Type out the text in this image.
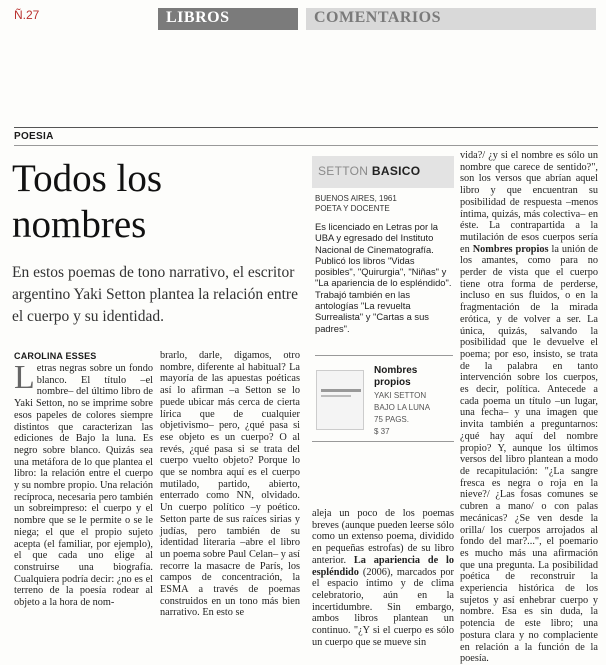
Ñ.27	LIBROS	COMENTARIOS
POESIA
Todos los
nombres
En estos poemas de tono narrativo, el escritor argentino Yaki Setton plantea la relación entre el cuerpo y su identidad.
CAROLINA ESSES
L etras negras sobre un fondo blanco. El título –el nombre– del último libro de Yaki Setton, no se imprime sobre esos papeles de colores siempre distintos que caracterizan las ediciones de Bajo la luna. Es negro sobre blanco. Quizás sea una metáfora de lo que plantea el libro: la relación entre el cuerpo y su nombre propio. Una relación recíproca, necesaria pero también un sobreimpreso: el cuerpo y el nombre que se le permite o se le niega; el que el propio sujeto acepta (el familiar, por ejemplo), el que cada uno elige al construirse una biografía. Cualquiera podría decir: ¿no es el terreno de la poesía rodear al objeto a la hora de nom-
brarlo, darle, digamos, otro nombre, diferente al habitual? La mayoría de las apuestas poéticas así lo afirman –a Setton se lo puede ubicar más cerca de cierta lírica que de cualquier objetivismo– pero, ¿qué pasa si ese objeto es un cuerpo? O al revés, ¿qué pasa si se trata del cuerpo vuelto objeto? Porque lo que se nombra aquí es el cuerpo mutilado, partido, abierto, enterrado como NN, olvidado. Un cuerpo político –y poético. Setton parte de sus raíces sirias y judías, pero también de su identidad literaria –abre el libro un poema sobre Paul Celan– y así recorre la masacre de París, los campos de concentración, la ESMA a través de poemas construidos en un tono más bien narrativo. En esto se
SETTON BASICO
BUENOS AIRES, 1961
POETA Y DOCENTE
Es licenciado en Letras por la UBA y egresado del Instituto Nacional de Cinematografía. Publicó los libros "Vidas posibles", "Quirurgia", "Niñas" y "La apariencia de lo espléndido". Trabajó también en las antologías "La revuelta Surrealista" y "Cartas a sus padres".
Nombres
propios
YAKI SETTON
BAJO LA LUNA
75 PAGS.
$ 37
aleja un poco de los poemas breves (aunque pueden leerse sólo como un extenso poema, dividido en pequeñas estrofas) de su libro anterior. La apariencia de lo espléndido (2006), marcados por el espacio íntimo y de clima celebratorio, aún en la incertidumbre. Sin embargo, ambos libros plantean un continuo. "¿Y si el cuerpo es sólo un cuerpo que se mueve sin
vida?/ ¿y si el nombre es sólo un nombre que carece de sentido?", son los versos que abrían aquel libro y que encuentran su posibilidad de respuesta –menos íntima, quizás, más colectiva– en éste. La contrapartida a la mutilación de esos cuerpos sería en Nombres propios la unión de los amantes, como para no perder de vista que el cuerpo tiene otra forma de perderse, incluso en sus fluidos, o en la fragmentación de la mirada erótica, y de volver a ser. La única, quizás, salvando la posibilidad que le devuelve el poema; por eso, insisto, se trata de la palabra en tanto intervención sobre los cuerpos, es decir, política. Antecede a cada poema un título –un lugar, una fecha– y una imagen que invita también a preguntarnos: ¿qué hay aquí del nombre propio? Y, aunque los últimos versos del libro plantean a modo de recapitulación: "¿La sangre fresca es negra o roja en la nieve?/ ¿Las fosas comunes se cubren a mano/ o con palas mecánicas? ¿Se ven desde la orilla/ los cuerpos arrojados al fondo del mar?...", el poemario es mucho más una afirmación que una pregunta. La posibilidad poética de reconstruir la experiencia histórica de los sujetos y así enhebrar cuerpo y nombre. Esa es sin duda, la potencia de este libro; una postura clara y no complaciente en relación a la función de la poesía.
